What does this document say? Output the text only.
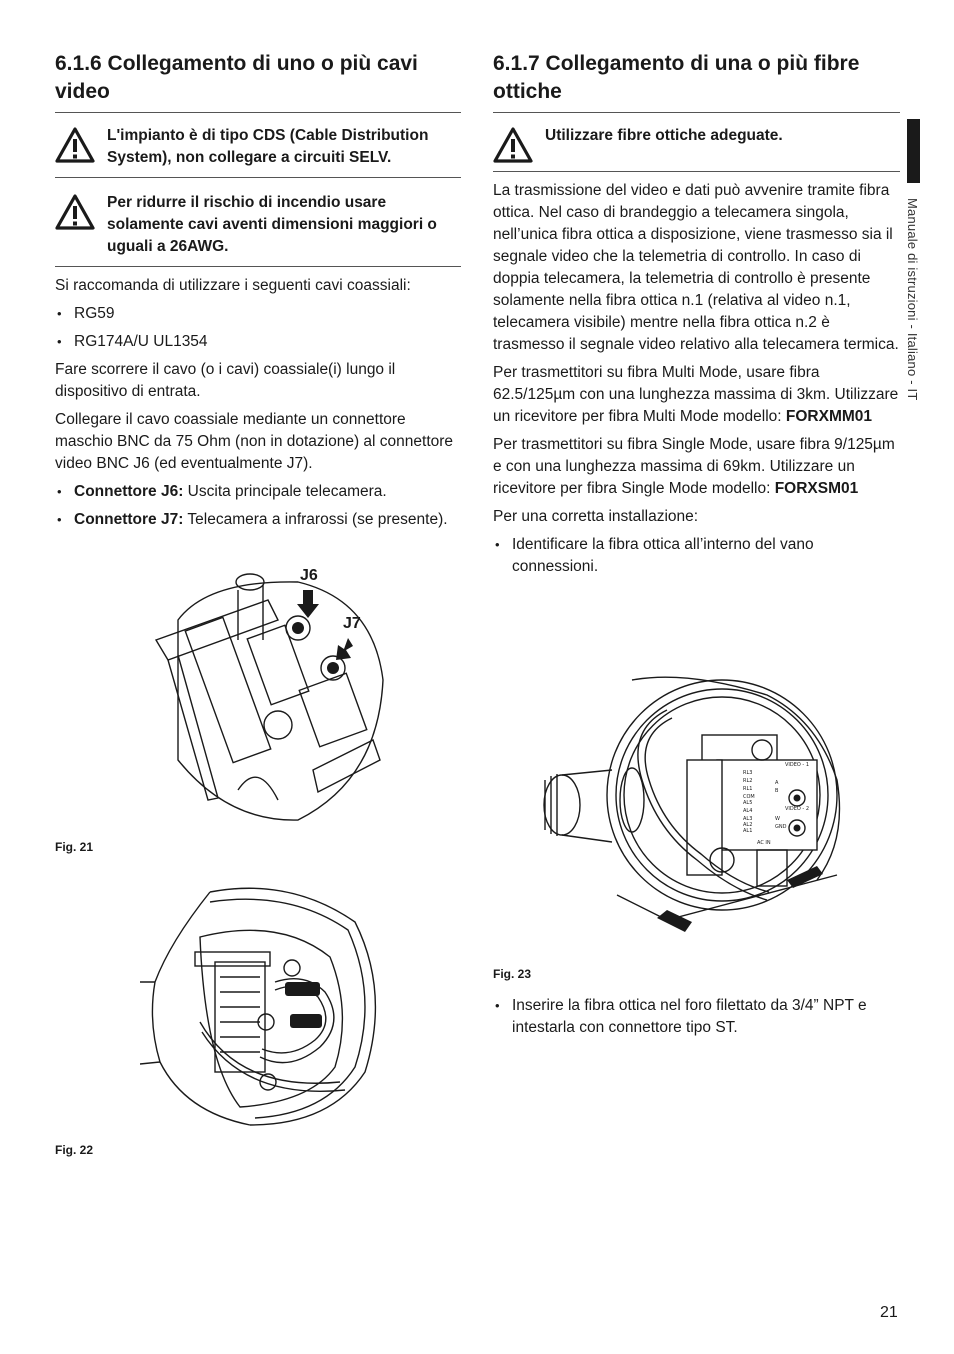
6.1.6 Collegamento di uno o più cavi video

L'impianto è di tipo CDS (Cable Distribution System), non collegare a circuiti SELV.

Per ridurre il rischio di incendio usare solamente cavi aventi dimensioni maggiori o uguali a 26AWG.

Si raccomanda di utilizzare i seguenti cavi coassiali:

• RG59
• RG174A/U UL1354

Fare scorrere il cavo (o i cavi) coassiale(i) lungo il dispositivo di entrata.

Collegare il cavo coassiale mediante un connettore maschio BNC da 75 Ohm (non in dotazione) al connettore video BNC J6 (ed eventualmente J7).

• Connettore J6: Uscita principale telecamera.
• Connettore J7: Telecamera a infrarossi (se presente).
J6
J7
Fig. 21
Fig. 22
6.1.7 Collegamento di una o più fibre ottiche

Utilizzare fibre ottiche adeguate.

La trasmissione del video e dati può avvenire tramite fibra ottica. Nel caso di brandeggio a telecamera singola, nell’unica fibra ottica a disposizione, viene trasmesso sia il segnale video che la telemetria di controllo. In caso di doppia telecamera, la telemetria di controllo è presente solamente nella fibra ottica n.1 (relativa al video n.1, telecamera visibile) mentre nella fibra ottica n.2 è trasmesso il segnale video relativo alla telecamera termica.

Per trasmettitori su fibra Multi Mode, usare fibra 62.5/125µm con una lunghezza massima di 3km. Utilizzare un ricevitore per fibra Multi Mode modello: FORXMM01

Per trasmettitori su fibra Single Mode, usare fibra 9/125µm e con una lunghezza massima di 69km. Utilizzare un ricevitore per fibra Single Mode modello: FORXSM01

Per una corretta installazione:

• Identificare la fibra ottica all’interno del vano connessioni.
VIDEO - 1
VIDEO - 2
RL3
RL2
RL1
COM
AL5
AL4
AL3
AL2
AL1
AC IN
GND
W
B
A
Fig. 23
• Inserire la fibra ottica nel foro filettato da 3/4” NPT e intestarla con connettore tipo ST.
Manuale di istruzioni - Italiano - IT
21
